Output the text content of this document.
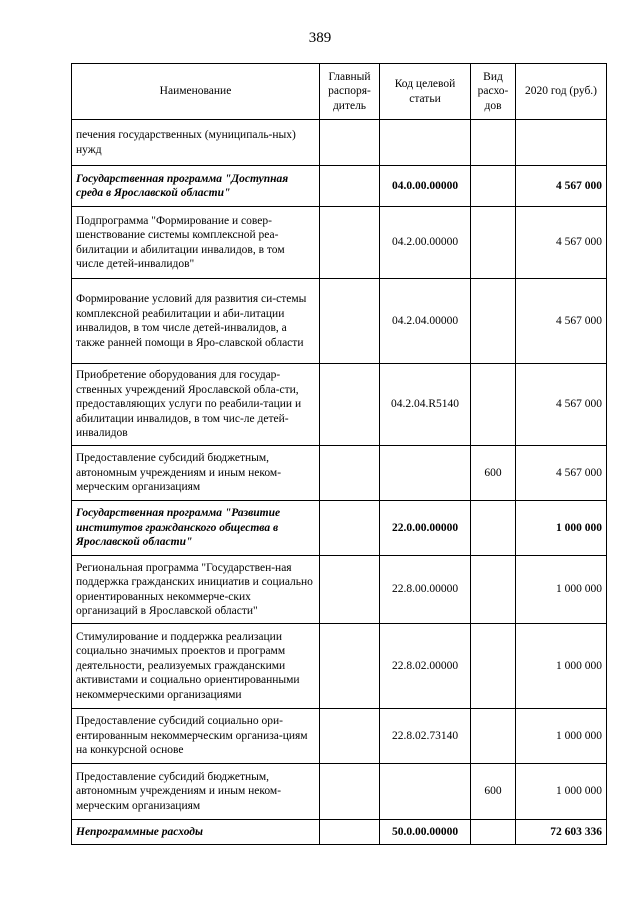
389
Наименование	Главный распоря-дитель	Код целевой статьи	Вид расхо-дов	2020 год (руб.)
печения государственных (муниципаль-ных) нужд				
Государственная программа "Доступная среда в Ярославской области"		04.0.00.00000		4 567 000
Подпрограмма "Формирование и совер-шенствование системы комплексной реа-билитации и абилитации инвалидов, в том числе детей-инвалидов"		04.2.00.00000		4 567 000
Формирование условий для развития си-стемы комплексной реабилитации и аби-литации инвалидов, в том числе детей-инвалидов, а также ранней помощи в Яро-славской области		04.2.04.00000		4 567 000
Приобретение оборудования для государ-ственных учреждений Ярославской обла-сти, предоставляющих услуги по реабили-тации и абилитации инвалидов, в том чис-ле детей-инвалидов		04.2.04.R5140		4 567 000
Предоставление субсидий бюджетным, автономным учреждениям и иным неком-мерческим организациям			600	4 567 000
Государственная программа "Развитие институтов гражданского общества в Ярославской области"		22.0.00.00000		1 000 000
Региональная программа "Государствен-ная поддержка гражданских инициатив и социально ориентированных некоммерче-ских организаций в Ярославской области"		22.8.00.00000		1 000 000
Стимулирование и поддержка реализации социально значимых проектов и программ деятельности, реализуемых гражданскими активистами и социально ориентированными некоммерческими организациями		22.8.02.00000		1 000 000
Предоставление субсидий социально ори-ентированным некоммерческим организа-циям на конкурсной основе		22.8.02.73140		1 000 000
Предоставление субсидий бюджетным, автономным учреждениям и иным неком-мерческим организациям			600	1 000 000
Непрограммные расходы		50.0.00.00000		72 603 336
